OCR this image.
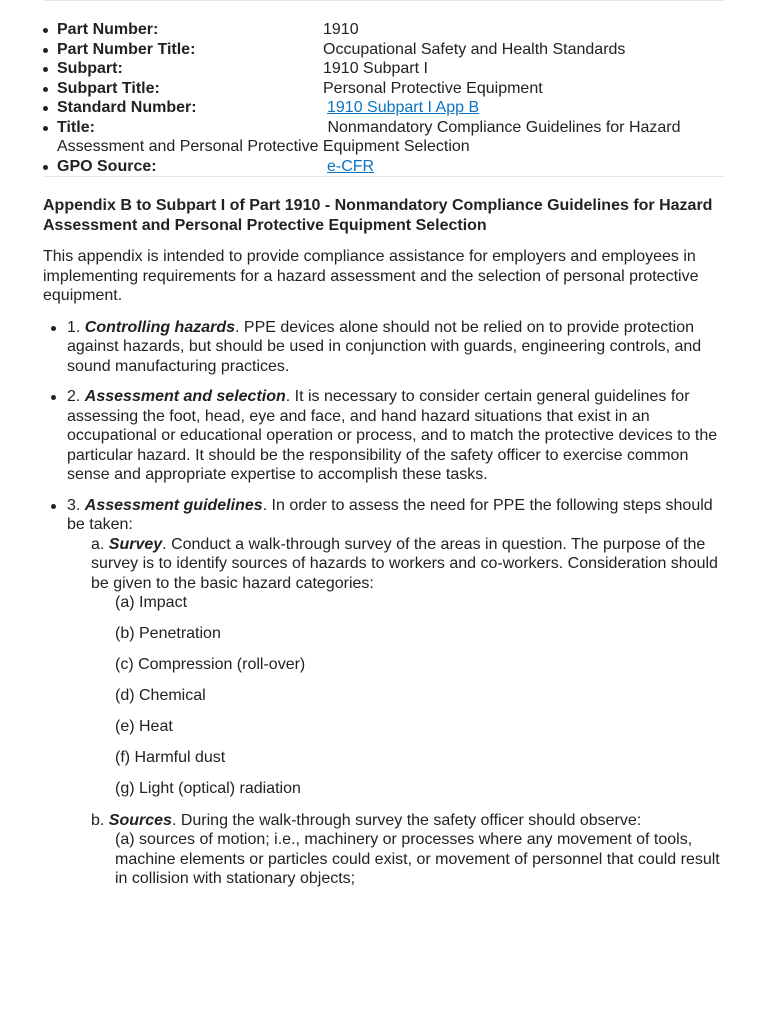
Part Number:	1910
Part Number Title:	Occupational Safety and Health Standards
Subpart:	1910 Subpart I
Subpart Title:	Personal Protective Equipment
Standard Number:	1910 Subpart I App B
Title:	Nonmandatory Compliance Guidelines for Hazard Assessment and Personal Protective Equipment Selection
GPO Source:	e-CFR
Appendix B to Subpart I of Part 1910 - Nonmandatory Compliance Guidelines for Hazard Assessment and Personal Protective Equipment Selection

This appendix is intended to provide compliance assistance for employers and employees in implementing requirements for a hazard assessment and the selection of personal protective equipment.

1. Controlling hazards. PPE devices alone should not be relied on to provide protection against hazards, but should be used in conjunction with guards, engineering controls, and sound manufacturing practices.
2. Assessment and selection. It is necessary to consider certain general guidelines for assessing the foot, head, eye and face, and hand hazard situations that exist in an occupational or educational operation or process, and to match the protective devices to the particular hazard. It should be the responsibility of the safety officer to exercise common sense and appropriate expertise to accomplish these tasks.
3. Assessment guidelines. In order to assess the need for PPE the following steps should be taken:
a. Survey. Conduct a walk-through survey of the areas in question. The purpose of the survey is to identify sources of hazards to workers and co-workers. Consideration should be given to the basic hazard categories:
(a) Impact
(b) Penetration
(c) Compression (roll-over)
(d) Chemical
(e) Heat
(f) Harmful dust
(g) Light (optical) radiation
b. Sources. During the walk-through survey the safety officer should observe:
(a) sources of motion; i.e., machinery or processes where any movement of tools, machine elements or particles could exist, or movement of personnel that could result in collision with stationary objects;
